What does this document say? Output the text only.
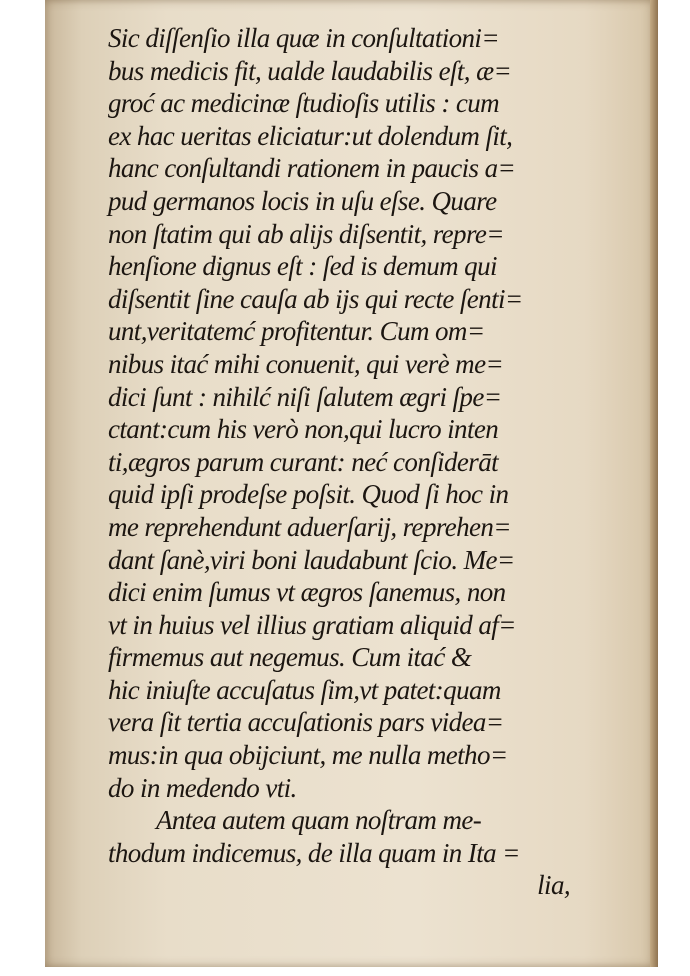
Sic diſſenſio illa quæ in conſultationi=
bus medicis fit, ualde laudabilis eſt, æ=
groć ac medicinæ ſtudioſis utilis : cum
ex hac ueritas eliciatur:ut dolendum ſit,
hanc conſultandi rationem in paucis a=
pud germanos locis in uſu eſse. Quare
non ſtatim qui ab alijs diſsentit, repre=
henſione dignus eſt : ſed is demum qui
diſsentit ſine cauſa ab ijs qui recte ſenti=
unt,veritatemć profitentur. Cum om=
nibus itać mihi conuenit, qui verè me=
dici ſunt : nihilć niſi ſalutem ægri ſpe=
ctant:cum his verò non,qui lucro inten
ti,ægros parum curant: neć conſiderāt
quid ipſi prodeſse poſsit. Quod ſi hoc in
me reprehendunt aduerſarij, reprehen=
dant ſanè,viri boni laudabunt ſcio. Me=
dici enim ſumus vt ægros ſanemus, non
vt in huius vel illius gratiam aliquid af=
firmemus aut negemus. Cum itać &
hic iniuſte accuſatus ſim,vt patet:quam
vera ſit tertia accuſationis pars videa=
mus:in qua obijciunt, me nulla metho=
do in medendo vti.
Antea autem quam noſtram me-
thodum indicemus, de illa quam in Ita =
lia,
